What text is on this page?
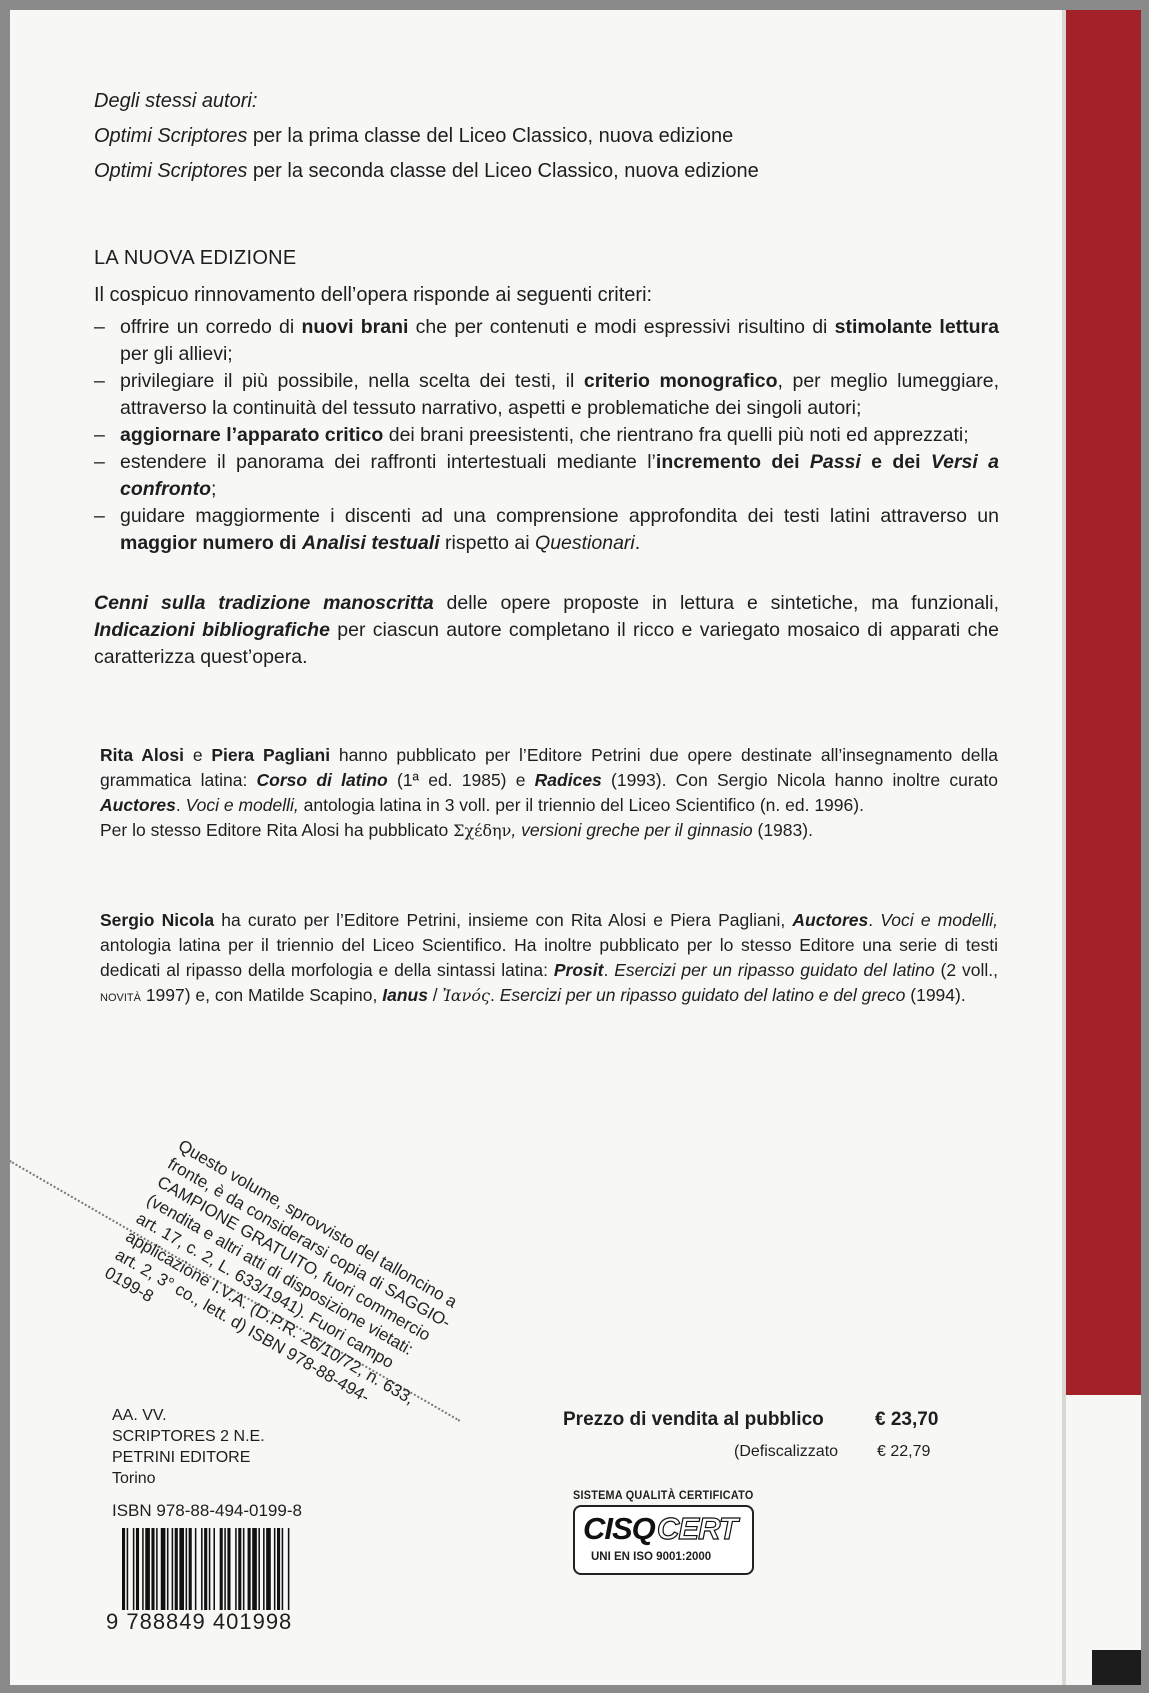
Degli stessi autori:
Optimi Scriptores per la prima classe del Liceo Classico, nuova edizione
Optimi Scriptores per la seconda classe del Liceo Classico, nuova edizione
LA NUOVA EDIZIONE
Il cospicuo rinnovamento dell’opera risponde ai seguenti criteri:
– offrire un corredo di nuovi brani che per contenuti e modi espressivi risultino di stimolante lettura per gli allievi;
– privilegiare il più possibile, nella scelta dei testi, il criterio monografico, per meglio lumeggiare, attraverso la continuità del tessuto narrativo, aspetti e problematiche dei singoli autori;
– aggiornare l’apparato critico dei brani preesistenti, che rientrano fra quelli più noti ed apprezzati;
– estendere il panorama dei raffronti intertestuali mediante l’incremento dei Passi e dei Versi a confronto;
– guidare maggiormente i discenti ad una comprensione approfondita dei testi latini attraverso un maggior numero di Analisi testuali rispetto ai Questionari.
Cenni sulla tradizione manoscritta delle opere proposte in lettura e sintetiche, ma funzionali, Indicazioni bibliografiche per ciascun autore completano il ricco e variegato mosaico di apparati che caratterizza quest’opera.

Rita Alosi e Piera Pagliani hanno pubblicato per l’Editore Petrini due opere destinate all’insegnamento della grammatica latina: Corso di latino (1ª ed. 1985) e Radices (1993). Con Sergio Nicola hanno inoltre curato Auctores. Voci e modelli, antologia latina in 3 voll. per il triennio del Liceo Scientifico (n. ed. 1996).

Per lo stesso Editore Rita Alosi ha pubblicato Σχέδην, versioni greche per il ginnasio (1983).

Sergio Nicola ha curato per l’Editore Petrini, insieme con Rita Alosi e Piera Pagliani, Auctores. Voci e modelli, antologia latina per il triennio del Liceo Scientifico. Ha inoltre pubblicato per lo stesso Editore una serie di testi dedicati al ripasso della morfologia e della sintassi latina: Prosit. Esercizi per un ripasso guidato del latino (2 voll., novità 1997) e, con Matilde Scapino, Ianus / Ἰανός. Esercizi per un ripasso guidato del latino e del greco (1994).

Questo volume, sprovvisto del talloncino a fronte, è da considerarsi copia di SAGGIO-CAMPIONE GRATUITO, fuori commercio (vendita e altri atti di disposizione vietati: art. 17, c. 2, L. 633/1941). Fuori campo applicazione I.V.A. (D.P.R. 26/10/72, n. 633, art. 2, 3° co., lett. d) ISBN 978-88-494-0199-8
AA. VV.
SCRIPTORES 2 N.E.
PETRINI EDITORE
Torino
ISBN 978-88-494-0199-8
9 788849 401998
Prezzo di vendita al pubblico	€ 23,70
(Defiscalizzato € 22,79
SISTEMA QUALITÀ CERTIFICATO
CISQ CERT
UNI EN ISO 9001:2000
